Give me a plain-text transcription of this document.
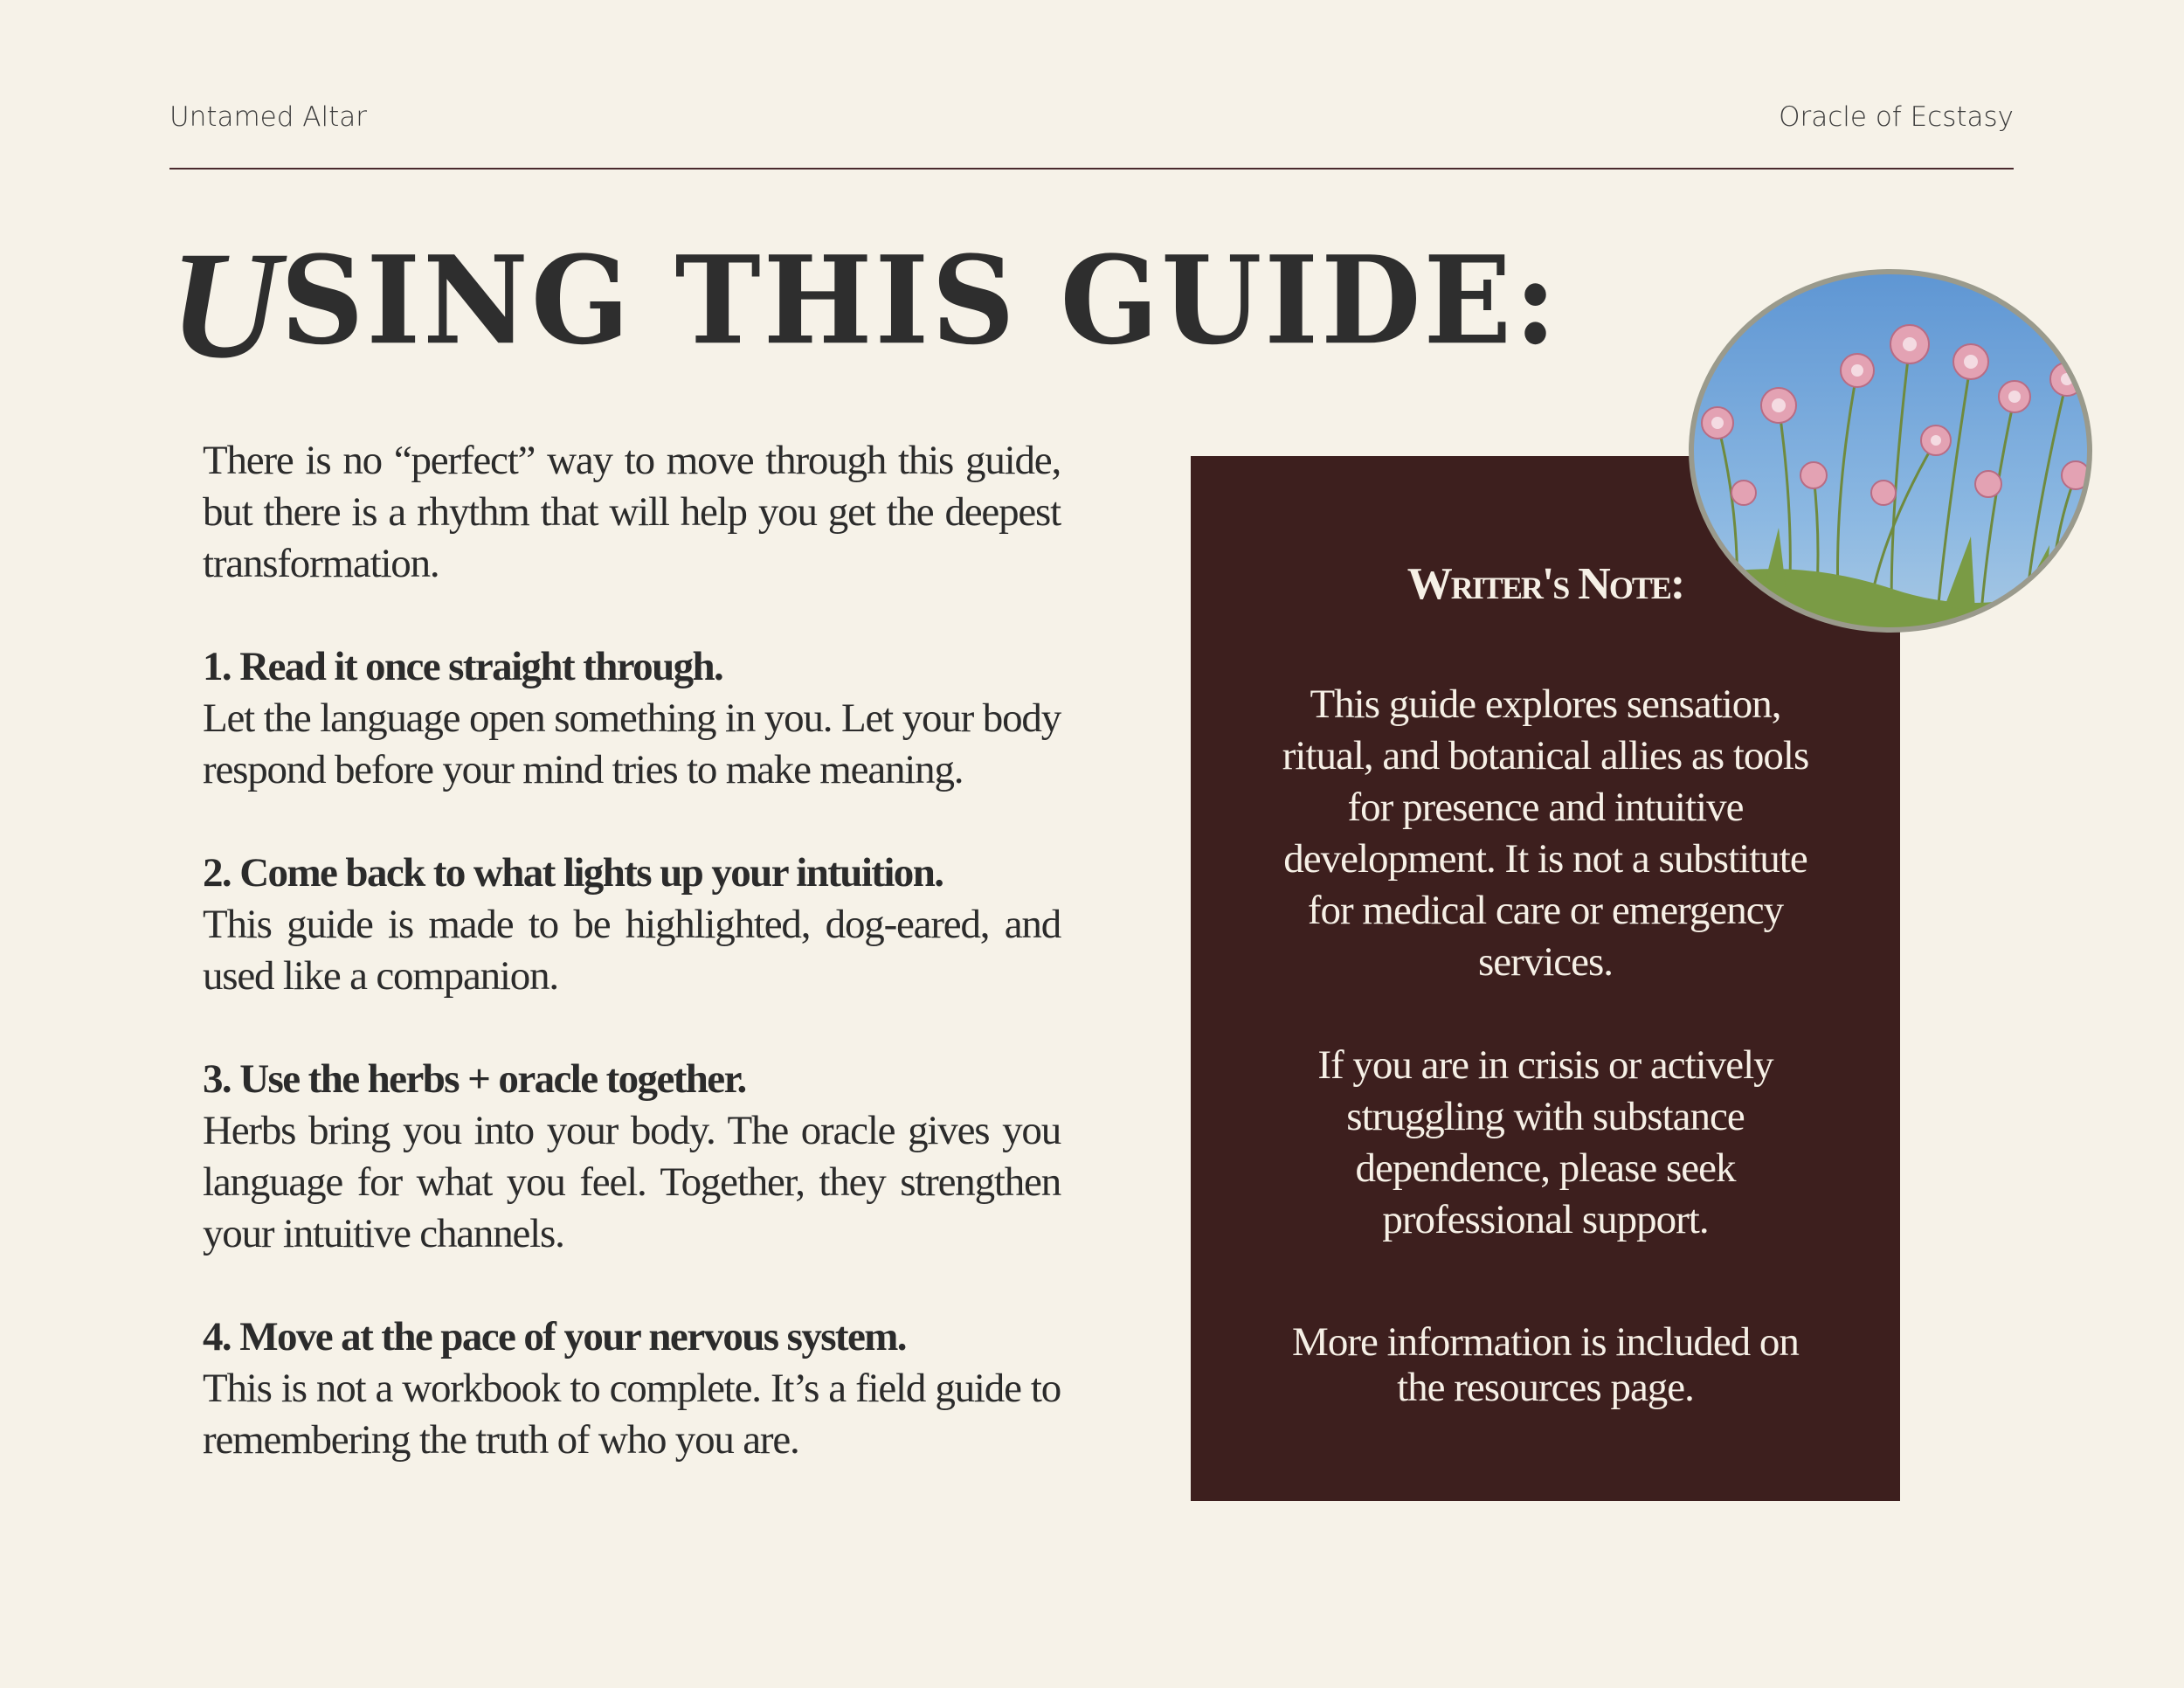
Untamed Altar	Oracle of Ecstasy
USING THIS GUIDE:

There is no “perfect” way to move through this guide, but there is a rhythm that will help you get the deepest transformation.

1. Read it once straight through.

Let the language open something in you. Let your body respond before your mind tries to make meaning.

2. Come back to what lights up your intuition.

This guide is made to be highlighted, dog-eared, and used like a companion.

3. Use the herbs + oracle together.

Herbs bring you into your body. The oracle gives you language for what you feel. Together, they strengthen your intuitive channels.

4. Move at the pace of your nervous system.

This is not a workbook to complete. It’s a field guide to remembering the truth of who you are.

Writer's Note:

This guide explores sensation, ritual, and botanical allies as tools for presence and intuitive development. It is not a substitute for medical care or emergency services.

If you are in crisis or actively struggling with substance dependence, please seek professional support.

More information is included on the resources page.
